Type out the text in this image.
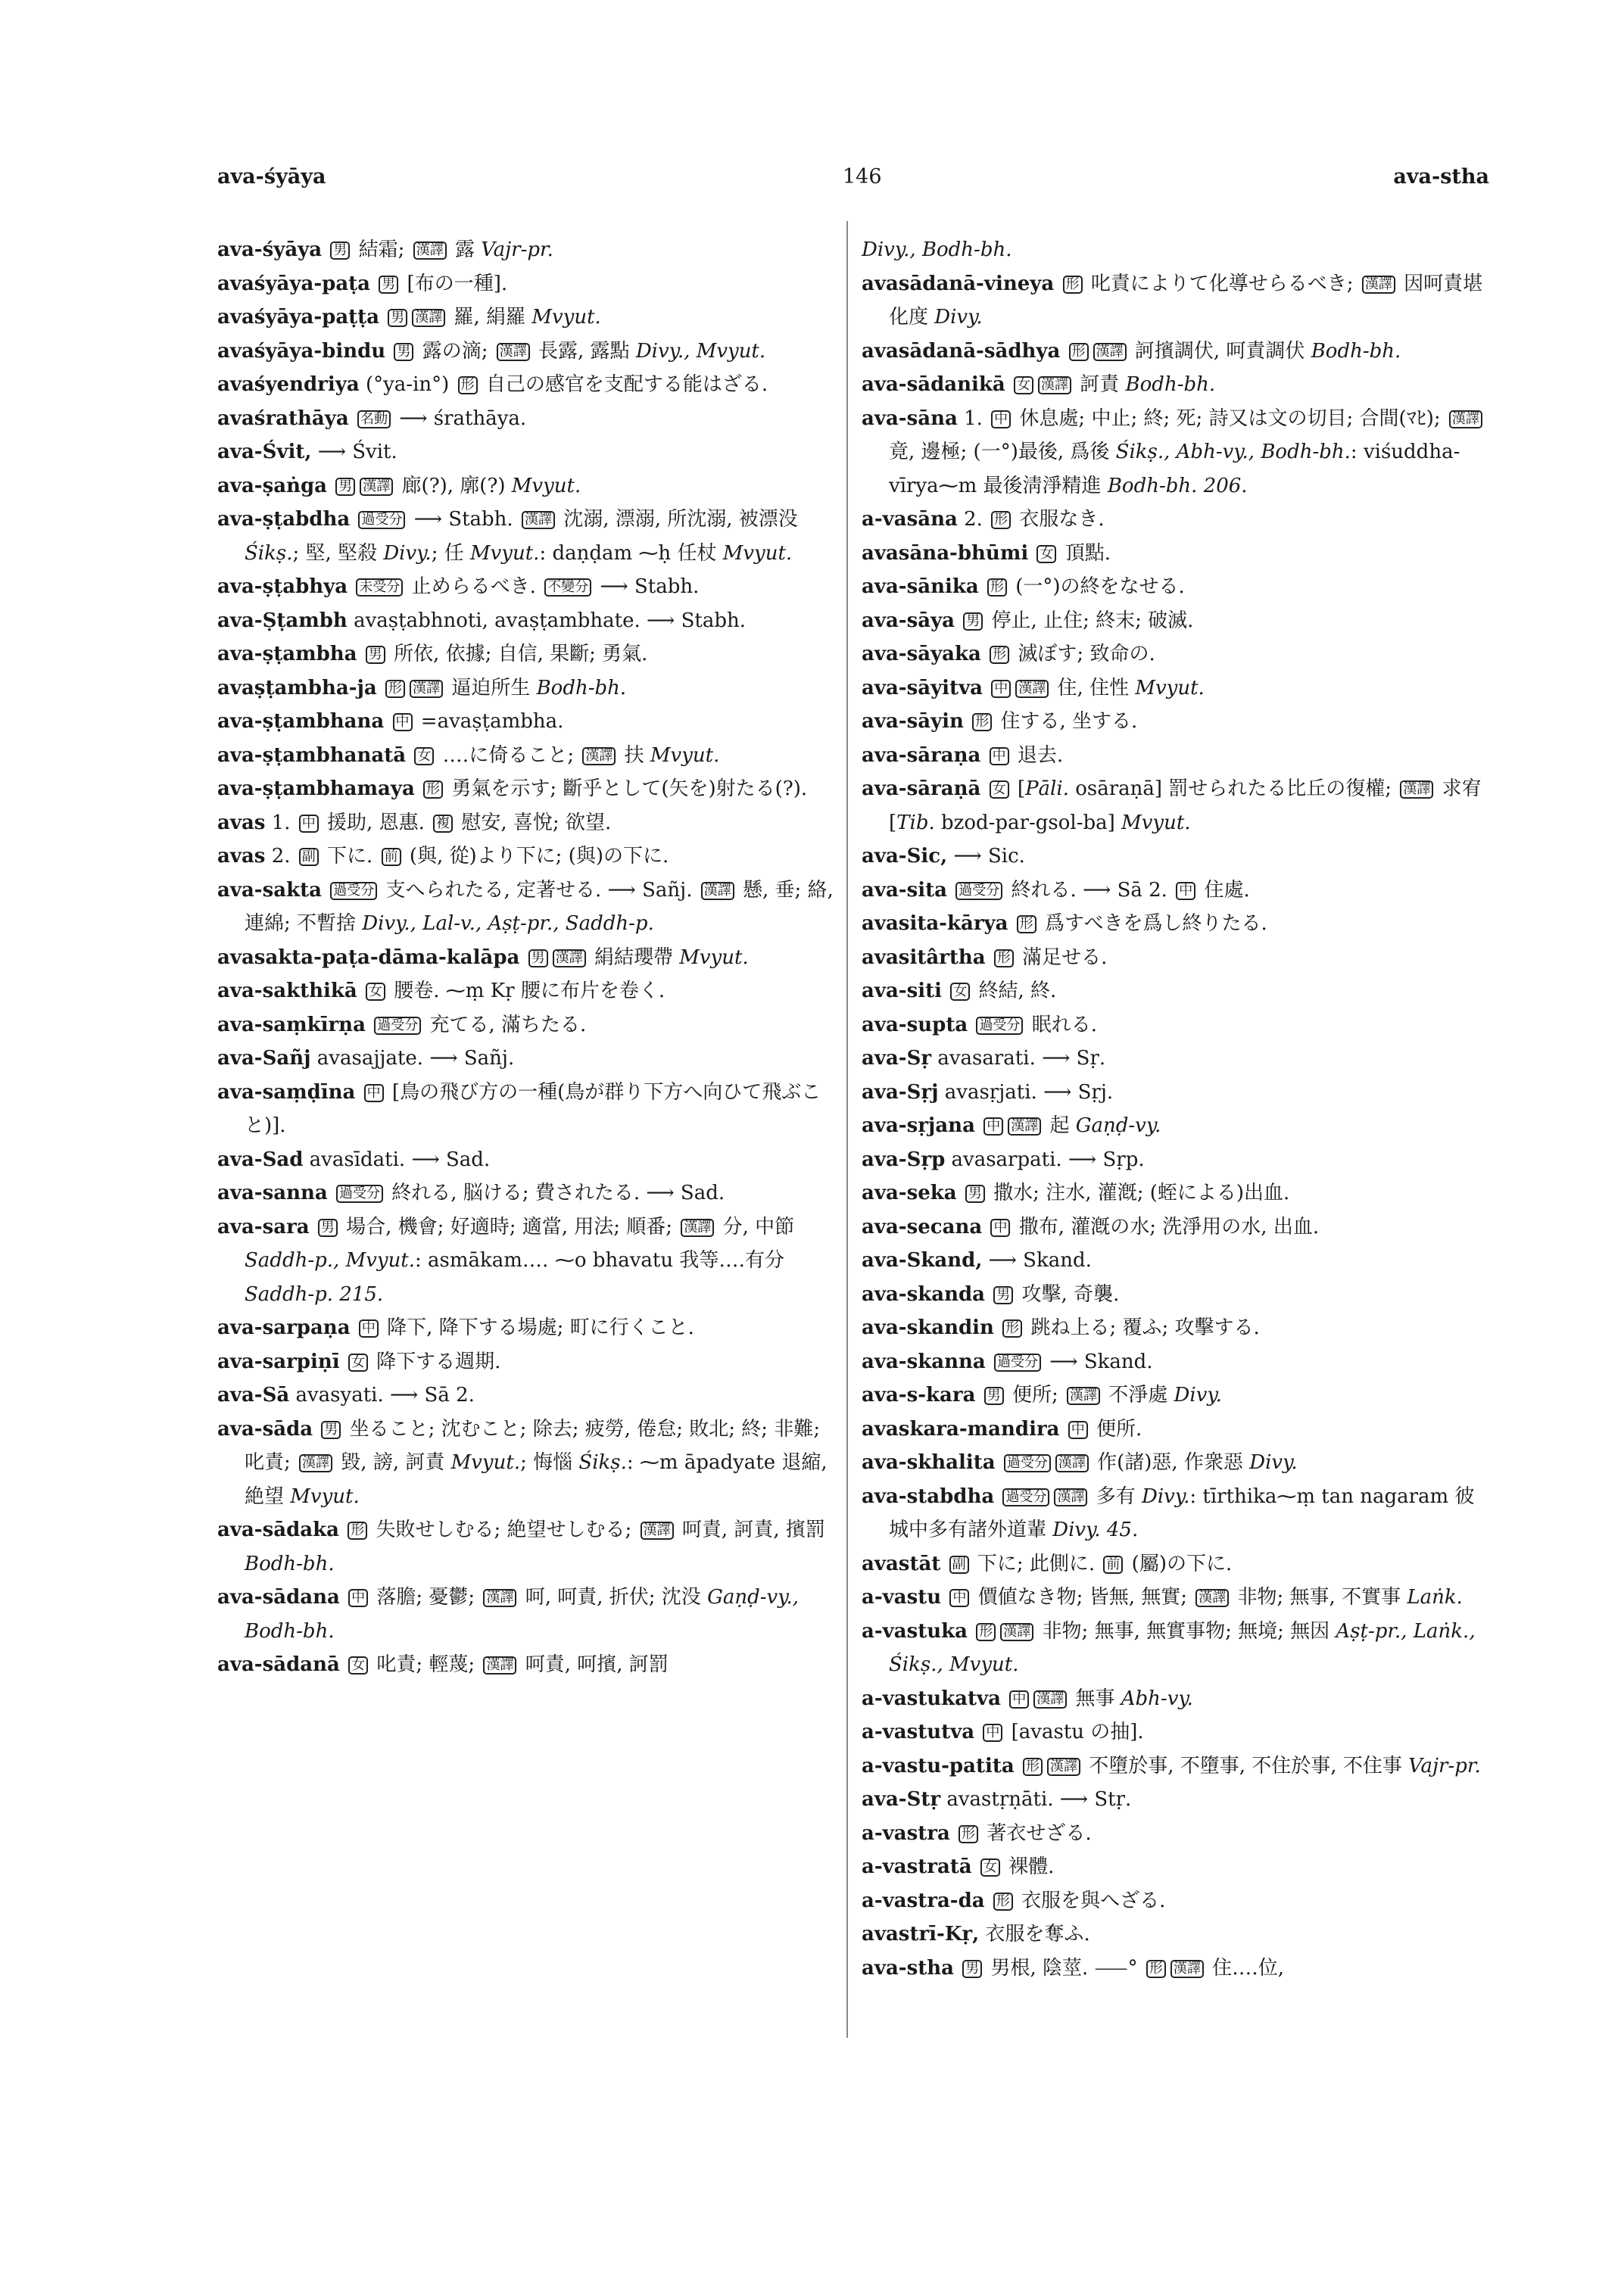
ava-śyāya	146	ava-stha

ava-śyāya 男 結霜; 漢譯 露 Vajr-pr.

avaśyāya-paṭa 男 [布の一種].

avaśyāya-paṭṭa 男 漢譯 羅, 絹羅 Mvyut.

avaśyāya-bindu 男 露の滴; 漢譯 長露, 露點 Divy., Mvyut.

avaśyendriya (°ya-in°) 形 自己の感官を支配する能はざる.

avaśrathāya 名動 ⟶ śrathāya.

ava-Śvit, ⟶ Śvit.

ava-ṣaṅga 男 漢譯 廊(?), 廓(?) Mvyut.

ava-ṣṭabdha 過受分 ⟶ Stabh. 漢譯 沈溺, 漂溺, 所沈溺, 被漂没 Śikṣ.; 堅, 堅殺 Divy.; 任 Mvyut.: daṇḍam ⁓ḥ 任杖 Mvyut.

ava-ṣṭabhya 未受分 止めらるべき. 不變分 ⟶ Stabh.

ava-Ṣṭambh avaṣṭabhnoti, avaṣṭambhate. ⟶ Stabh.

ava-ṣṭambha 男 所依, 依據; 自信, 果斷; 勇氣.

avaṣṭambha-ja 形 漢譯 逼迫所生 Bodh-bh.

ava-ṣṭambhana 中 =avaṣṭambha.

ava-ṣṭambhanatā 女 ‥‥に倚ること; 漢譯 扶 Mvyut.

ava-ṣṭambhamaya 形 勇氣を示す; 斷乎として(矢を)射たる(?).

avas 1. 中 援助, 恩惠. 複 慰安, 喜悅; 欲望.

avas 2. 副 下に. 前 (與, 從)より下に; (與)の下に.

ava-sakta 過受分 支へられたる, 定著せる. ⟶ Sañj. 漢譯 懸, 垂; 絡, 連綿; 不暫捨 Divy., Lal-v., Aṣṭ-pr., Saddh-p.

avasakta-paṭa-dāma-kalāpa 男 漢譯 絹結瓔帶 Mvyut.

ava-sakthikā 女 腰卷. ⁓ṃ Kṛ 腰に布片を卷く.

ava-saṃkīrṇa 過受分 充てる, 滿ちたる.

ava-Sañj avasajjate. ⟶ Sañj.

ava-saṃḍīna 中 [鳥の飛び方の一種(鳥が群り下方へ向ひて飛ぶこと)].

ava-Sad avasīdati. ⟶ Sad.

ava-sanna 過受分 終れる, 脳ける; 費されたる. ⟶ Sad.

ava-sara 男 場合, 機會; 好適時; 適當, 用法; 順番; 漢譯 分, 中節 Saddh-p., Mvyut.: asmākam‥‥ ⁓o bhavatu 我等‥‥有分 Saddh-p. 215.

ava-sarpaṇa 中 降下, 降下する場處; 町に行くこと.

ava-sarpiṇī 女 降下する週期.

ava-Sā avasyati. ⟶ Sā 2.

ava-sāda 男 坐ること; 沈むこと; 除去; 疲勞, 倦怠; 敗北; 終; 非難; 叱責; 漢譯 毀, 謗, 訶責 Mvyut.; 悔惱 Śikṣ.: ⁓m āpadyate 退縮, 絶望 Mvyut.

ava-sādaka 形 失敗せしむる; 絶望せしむる; 漢譯 呵責, 訶責, 擯罰 Bodh-bh.

ava-sādana 中 落膽; 憂鬱; 漢譯 呵, 呵責, 折伏; 沈没 Gaṇḍ-vy., Bodh-bh.

ava-sādanā 女 叱責; 輕蔑; 漢譯 呵責, 呵擯, 訶罰

Divy., Bodh-bh.

avasādanā-vineya 形 叱責によりて化導せらるべき; 漢譯 因呵責堪化度 Divy.

avasādanā-sādhya 形 漢譯 訶擯調伏, 呵責調伏 Bodh-bh.

ava-sādanikā 女 漢譯 訶責 Bodh-bh.

ava-sāna 1. 中 休息處; 中止; 終; 死; 詩又は文の切目; 合間(ﾏﾋ); 漢譯 竟, 邊極; (一°)最後, 爲後 Śikṣ., Abh-vy., Bodh-bh.: viśuddha-vīrya⁓m 最後淸淨精進 Bodh-bh. 206.

a-vasāna 2. 形 衣服なき.

avasāna-bhūmi 女 頂點.

ava-sānika 形 (一°)の終をなせる.

ava-sāya 男 停止, 止住; 終末; 破滅.

ava-sāyaka 形 滅ぼす; 致命の.

ava-sāyitva 中 漢譯 住, 住性 Mvyut.

ava-sāyin 形 住する, 坐する.

ava-sāraṇa 中 退去.

ava-sāraṇā 女 [Pāli. osāraṇā] 罰せられたる比丘の復權; 漢譯 求宥 [Tib. bzod-par-gsol-ba] Mvyut.

ava-Sic, ⟶ Sic.

ava-sita 過受分 終れる. ⟶ Sā 2. 中 住處.

avasita-kārya 形 爲すべきを爲し終りたる.

avasitârtha 形 滿足せる.

ava-siti 女 終結, 終.

ava-supta 過受分 眠れる.

ava-Sṛ avasarati. ⟶ Sṛ.

ava-Sṛj avasṛjati. ⟶ Sṛj.

ava-sṛjana 中 漢譯 起 Gaṇḍ-vy.

ava-Sṛp avasarpati. ⟶ Sṛp.

ava-seka 男 撒水; 注水, 灌漑; (蛭による)出血.

ava-secana 中 撒布, 灌漑の水; 洗淨用の水, 出血.

ava-Skand, ⟶ Skand.

ava-skanda 男 攻擊, 奇襲.

ava-skandin 形 跳ね上る; 覆ふ; 攻擊する.

ava-skanna 過受分 ⟶ Skand.

ava-s-kara 男 便所; 漢譯 不淨處 Divy.

avaskara-mandira 中 便所.

ava-skhalita 過受分 漢譯 作(諸)惡, 作衆惡 Divy.

ava-stabdha 過受分 漢譯 多有 Divy.: tīrthika⁓ṃ tan nagaram 彼城中多有諸外道輩 Divy. 45.

avastāt 副 下に; 此側に. 前 (屬)の下に.

a-vastu 中 價値なき物; 皆無, 無實; 漢譯 非物; 無事, 不實事 Laṅk.

a-vastuka 形 漢譯 非物; 無事, 無實事物; 無境; 無因 Aṣṭ-pr., Laṅk., Śikṣ., Mvyut.

a-vastukatva 中 漢譯 無事 Abh-vy.

a-vastutva 中 [avastu の抽].

a-vastu-patita 形 漢譯 不墮於事, 不墮事, 不住於事, 不住事 Vajr-pr.

ava-Stṛ avastṛṇāti. ⟶ Stṛ.

a-vastra 形 著衣せざる.

a-vastratā 女 裸體.

a-vastra-da 形 衣服を與へざる.

avastrī-Kṛ, 衣服を奪ふ.

ava-stha 男 男根, 陰莖. ⸺° 形 漢譯 住‥‥位,
